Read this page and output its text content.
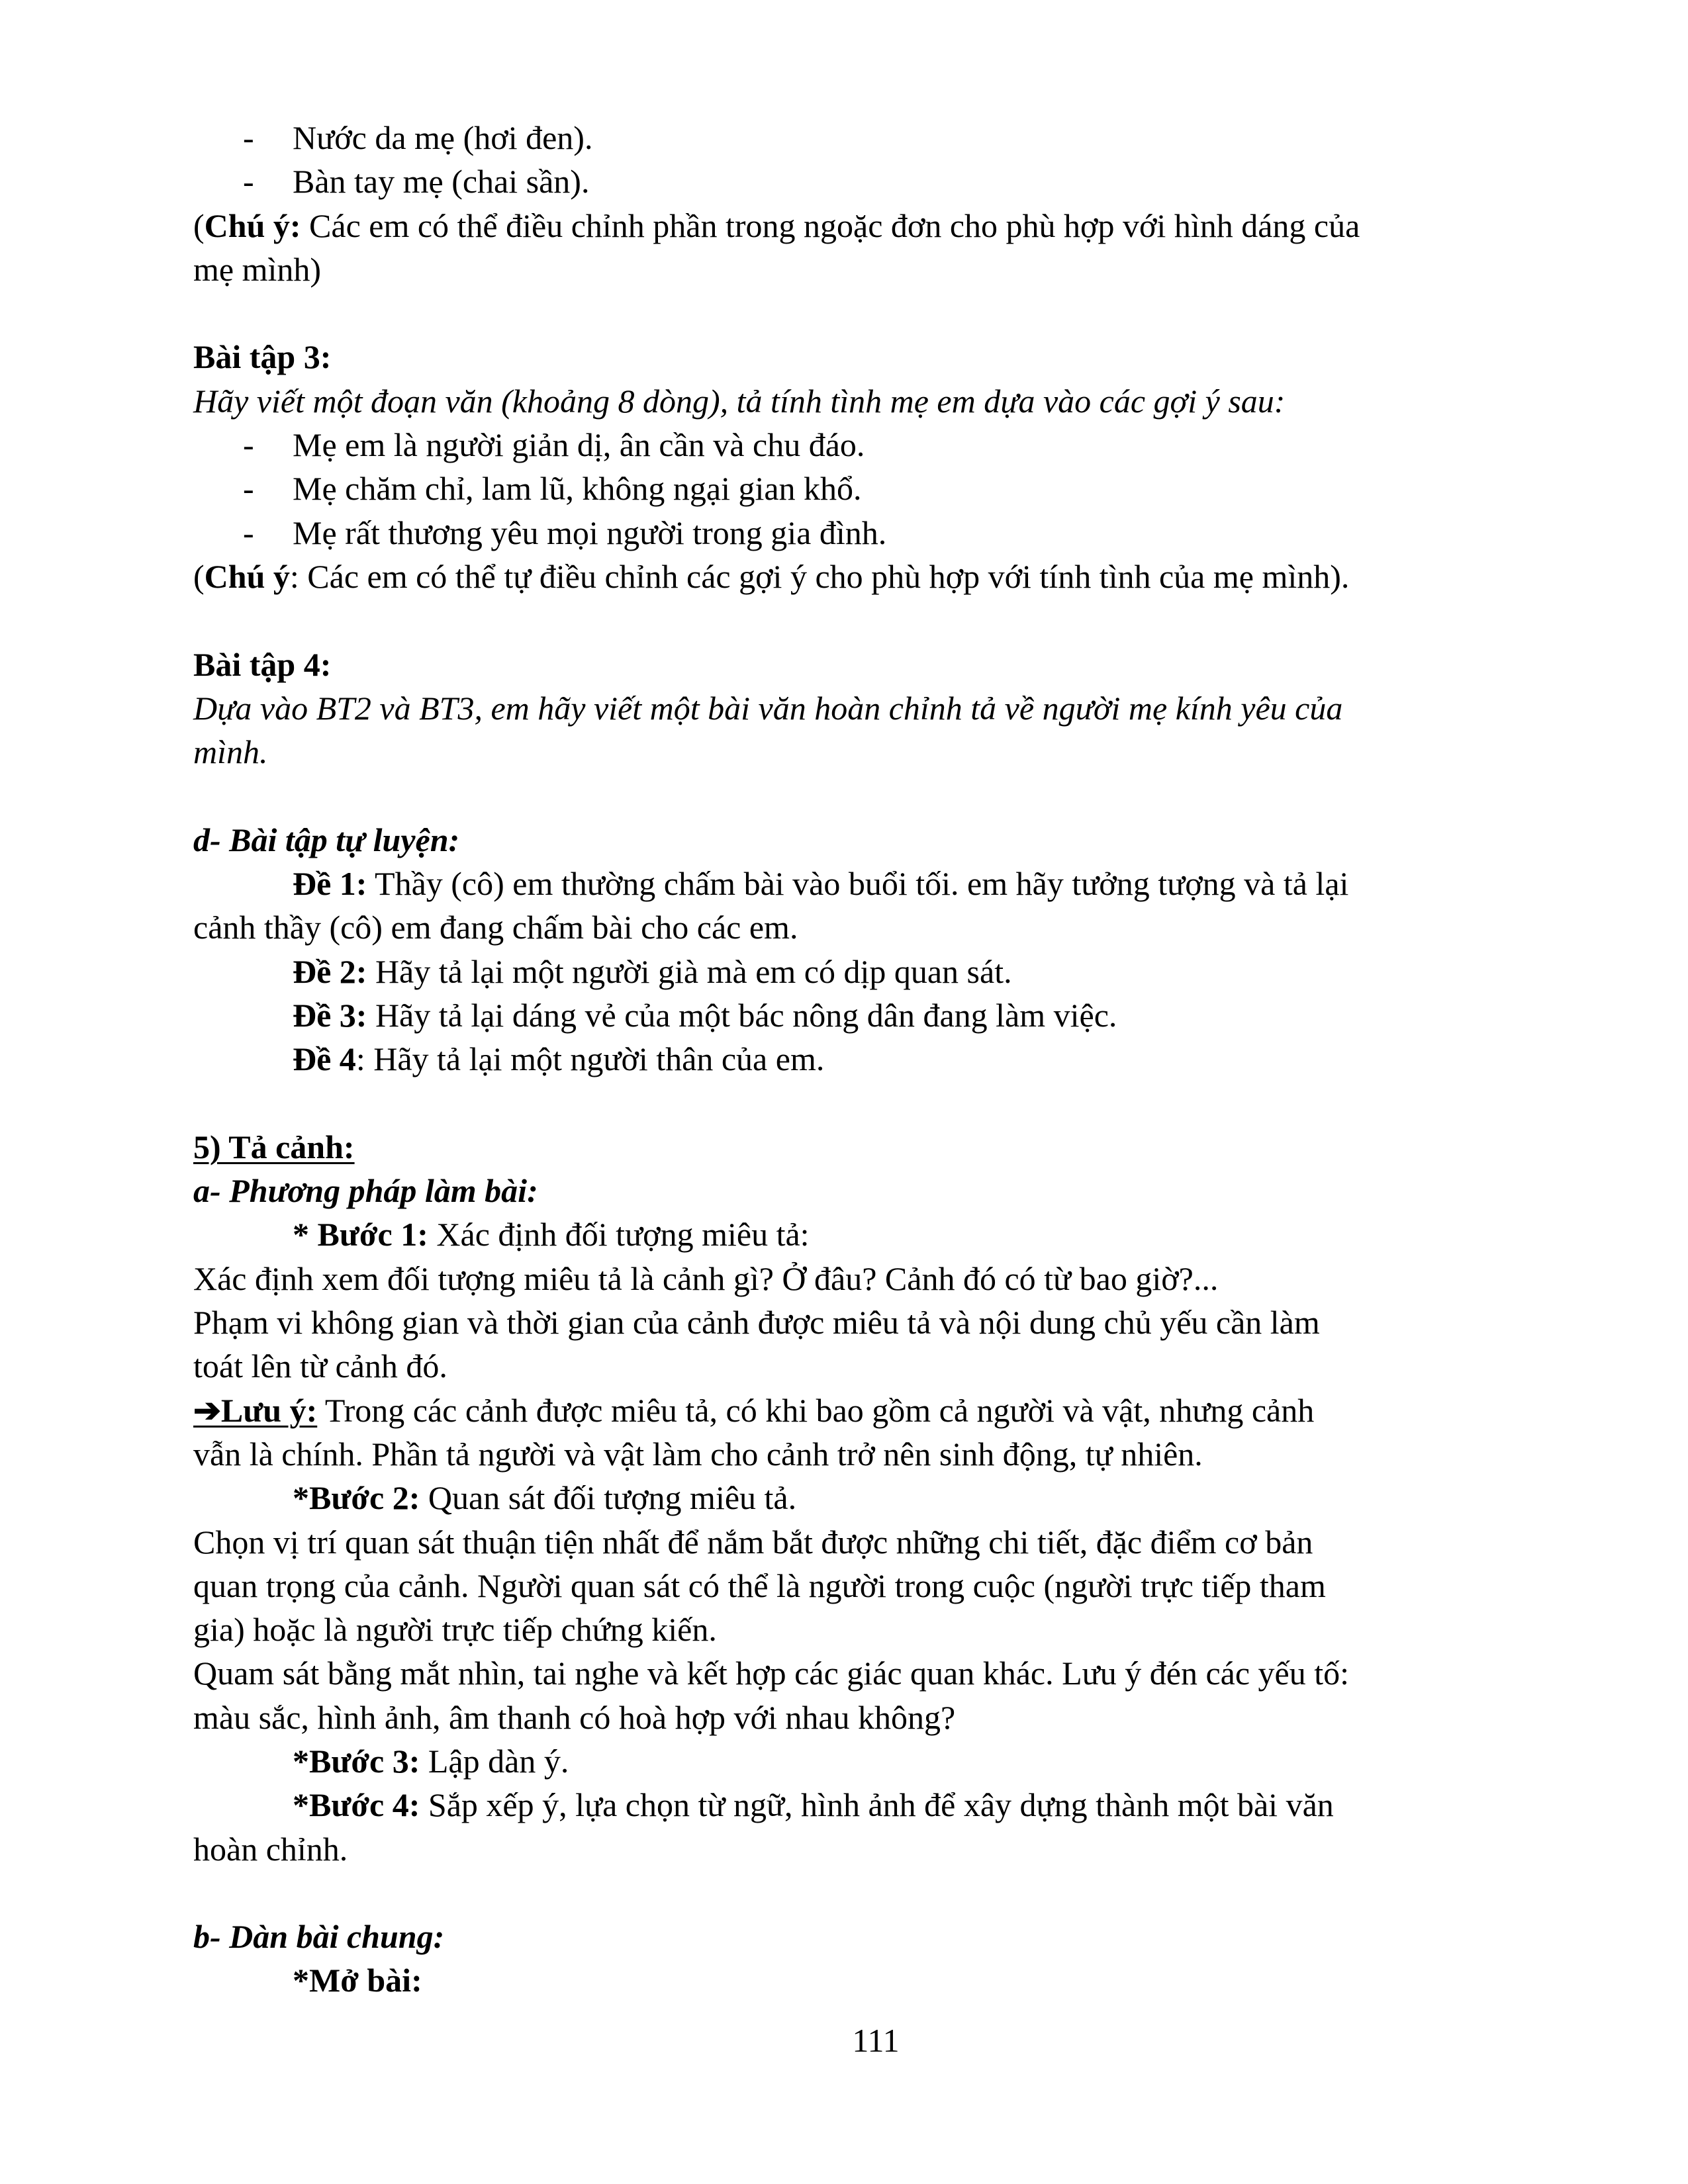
- Nước da mẹ (hơi đen).
- Bàn tay mẹ (chai sần).
(Chú ý: Các em có thể điều chỉnh phần trong ngoặc đơn cho phù hợp với hình dáng của
mẹ mình)
Bài tập 3:
Hãy viết một đoạn văn (khoảng 8 dòng), tả tính tình mẹ em dựa vào các gợi ý sau:
- Mẹ em là người giản dị, ân cần và chu đáo.
- Mẹ chăm chỉ, lam lũ, không ngại gian khổ.
- Mẹ rất thương yêu mọi người trong gia đình.
(Chú ý: Các em có thể tự điều chỉnh các gợi ý cho phù hợp với tính tình của mẹ mình).
Bài tập 4:
Dựa vào BT2 và BT3, em hãy viết một bài văn hoàn chỉnh tả về người mẹ kính yêu của
mình.
d- Bài tập tự luyện:
Đề 1: Thầy (cô) em thường chấm bài vào buổi tối. em hãy tưởng tượng và tả lại
cảnh thầy (cô) em đang chấm bài cho các em.
Đề 2: Hãy tả lại một người già mà em có dịp quan sát.
Đề 3: Hãy tả lại dáng vẻ của một bác nông dân đang làm việc.
Đề 4: Hãy tả lại một người thân của em.
5) Tả cảnh:
a- Phương pháp làm bài:
* Bước 1: Xác định đối tượng miêu tả:
Xác định xem đối tượng miêu tả là cảnh gì? Ở đâu? Cảnh đó có từ bao giờ?...
Phạm vi không gian và thời gian của cảnh được miêu tả và nội dung chủ yếu cần làm
toát lên từ cảnh đó.
➔Lưu ý: Trong các cảnh được miêu tả, có khi bao gồm cả người và vật, nhưng cảnh
vẫn là chính. Phần tả người và vật làm cho cảnh trở nên sinh động, tự nhiên.
*Bước 2: Quan sát đối tượng miêu tả.
Chọn vị trí quan sát thuận tiện nhất để nắm bắt được những chi tiết, đặc điểm cơ bản
quan trọng của cảnh. Người quan sát có thể là người trong cuộc (người trực tiếp tham
gia) hoặc là người trực tiếp chứng kiến.
Quam sát bằng mắt nhìn, tai nghe và kết hợp các giác quan khác. Lưu ý đén các yếu tố:
màu sắc, hình ảnh, âm thanh có hoà hợp với nhau không?
*Bước 3: Lập dàn ý.
*Bước 4: Sắp xếp ý, lựa chọn từ ngữ, hình ảnh để xây dựng thành một bài văn
hoàn chỉnh.
b- Dàn bài chung:
*Mở bài:
111
